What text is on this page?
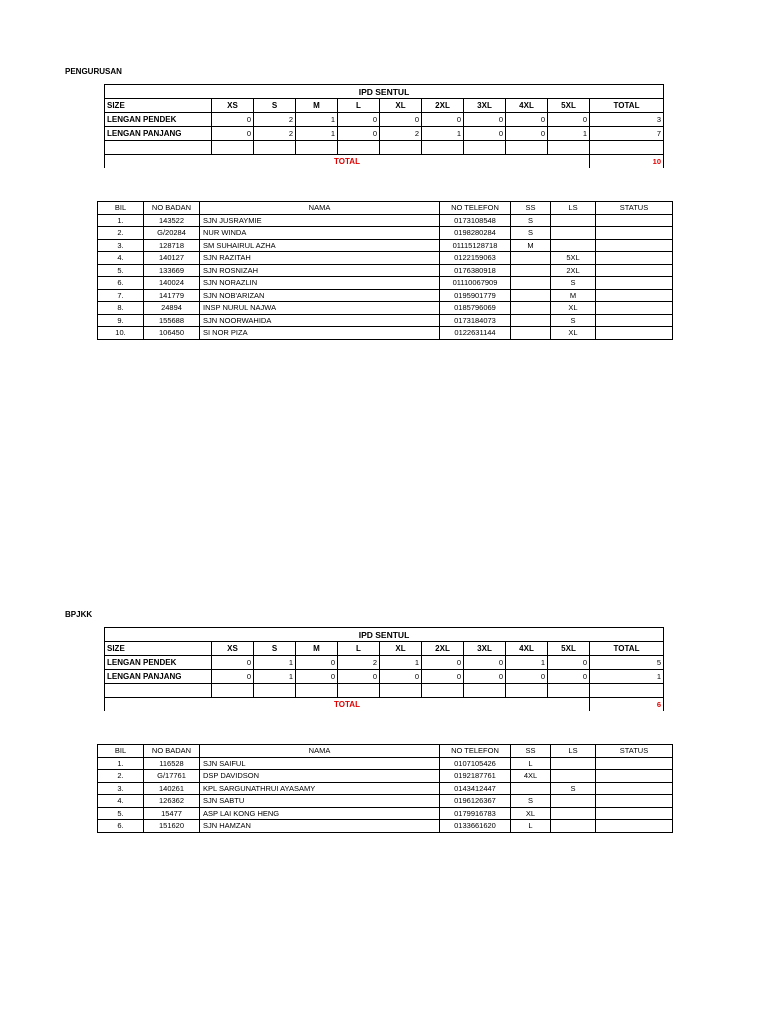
PENGURUSAN
IPD SENTUL										
SIZE	XS	S	M	L	XL	2XL	3XL	4XL	5XL	TOTAL
LENGAN PENDEK	0	2	1	0	0	0	0	0	0	3
LENGAN PANJANG	0	2	1	0	2	1	0	0	1	7

TOTAL										10
BIL	NO BADAN	NAMA	NO TELEFON	SS	LS	STATUS
1.	143522	SJN JUSRAYMIE	0173108548	S		
2.	G/20284	NUR WINDA	0198280284	S		
3.	128718	SM SUHAIRUL AZHA	01115128718	M		
4.	140127	SJN RAZITAH	0122159063		5XL	
5.	133669	SJN ROSNIZAH	0176380918		2XL	
6.	140024	SJN NORAZLIN	01110067909		S	
7.	141779	SJN NOB'ARIZAN	0195901779		M	
8.	24894	INSP NURUL NAJWA	0185796069		XL	
9.	155688	SJN NOORWAHIDA	0173184073		S	
10.	106450	SI NOR PIZA	0122631144		XL	
BPJKK
IPD SENTUL										
SIZE	XS	S	M	L	XL	2XL	3XL	4XL	5XL	TOTAL
LENGAN PENDEK	0	1	0	2	1	0	0	1	0	5
LENGAN PANJANG	0	1	0	0	0	0	0	0	0	1

TOTAL										6
BIL	NO BADAN	NAMA	NO TELEFON	SS	LS	STATUS
1.	116528	SJN SAIFUL	0107105426	L		
2.	G/17761	DSP DAVIDSON	0192187761	4XL		
3.	140261	KPL SARGUNATHRUI AYASAMY	0143412447		S	
4.	126362	SJN SABTU	0196126367	S		
5.	15477	ASP LAI KONG HENG	0179916783	XL		
6.	151620	SJN HAMZAN	0133661620	L		
